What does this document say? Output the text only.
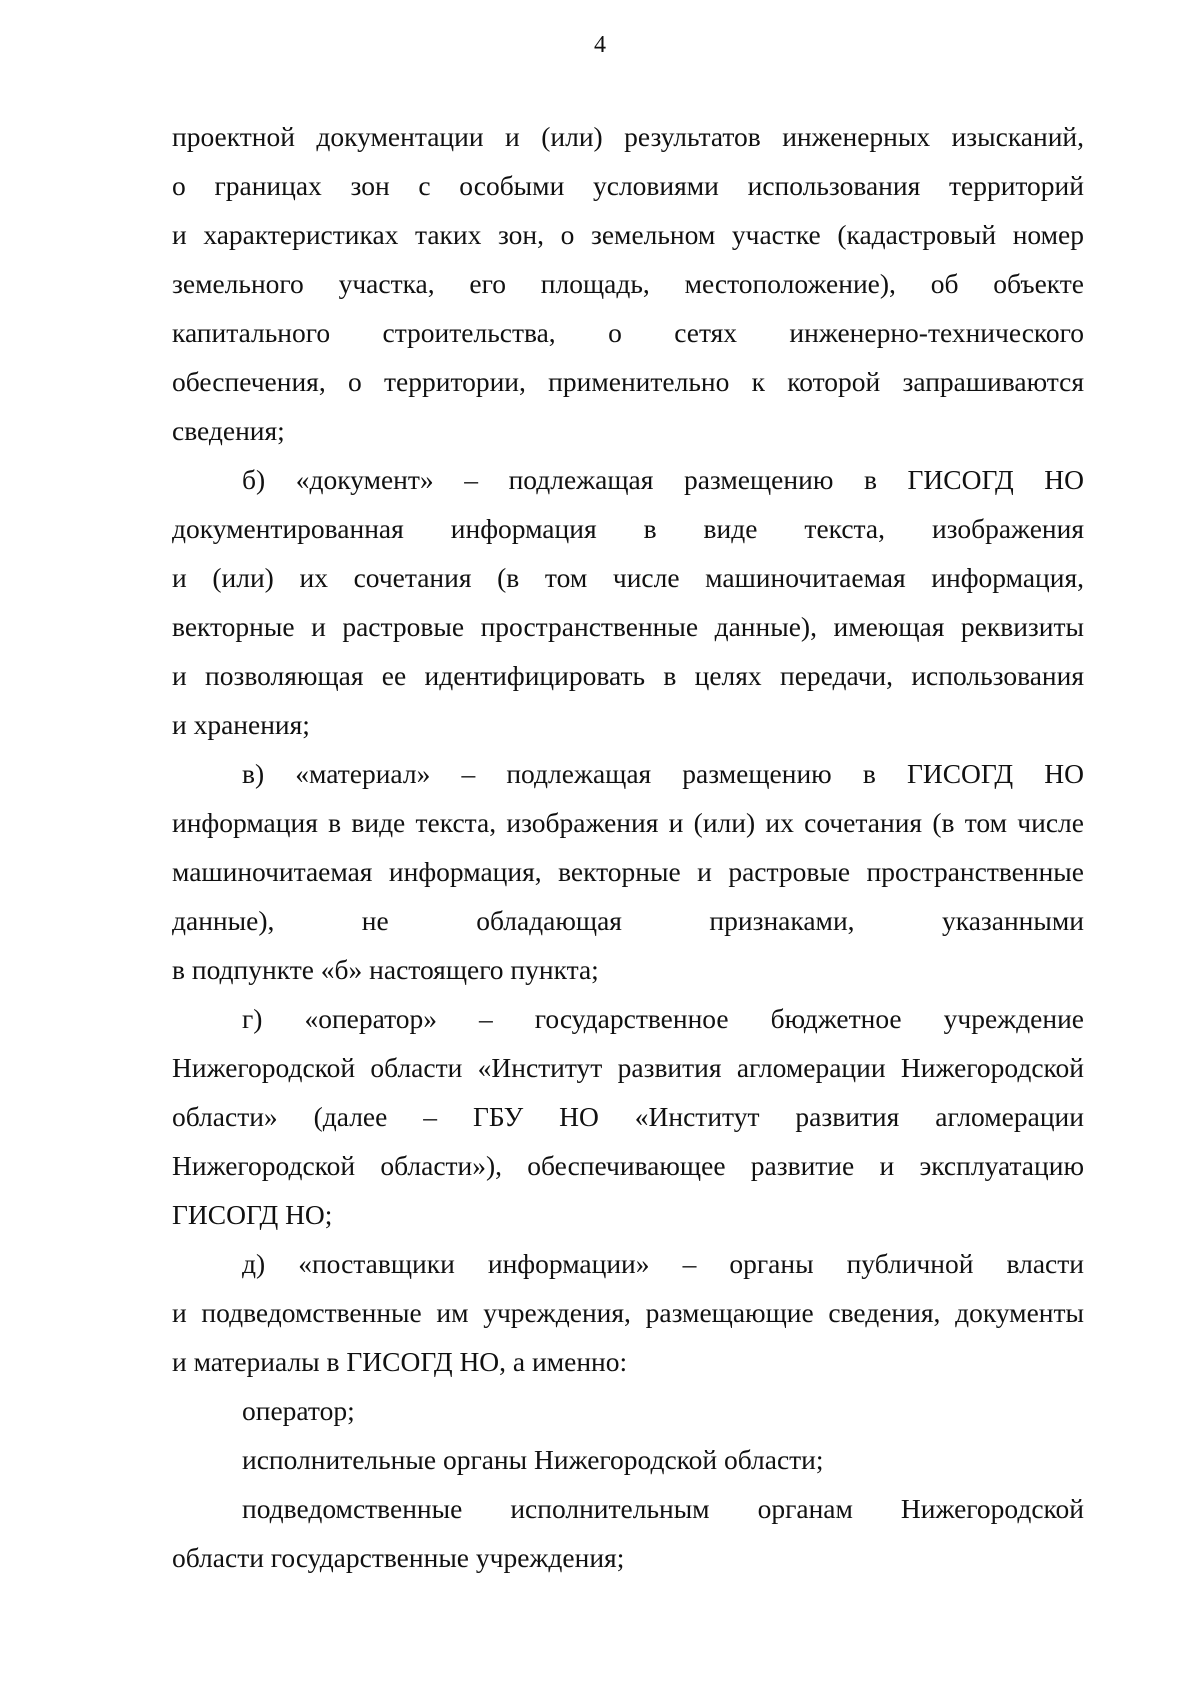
4
проектной документации и (или) результатов инженерных изысканий,
о границах зон с особыми условиями использования территорий
и характеристиках таких зон, о земельном участке (кадастровый номер
земельного участка, его площадь, местоположение), об объекте
капитального строительства, о сетях инженерно-технического
обеспечения, о территории, применительно к которой запрашиваются
сведения;
б) «документ» – подлежащая размещению в ГИСОГД НО
документированная информация в виде текста, изображения
и (или) их сочетания (в том числе машиночитаемая информация,
векторные и растровые пространственные данные), имеющая реквизиты
и позволяющая ее идентифицировать в целях передачи, использования
и хранения;
в) «материал» – подлежащая размещению в ГИСОГД НО
информация в виде текста, изображения и (или) их сочетания (в том числе
машиночитаемая информация, векторные и растровые пространственные
данные), не обладающая признаками, указанными
в подпункте «б» настоящего пункта;
г) «оператор» – государственное бюджетное учреждение
Нижегородской области «Институт развития агломерации Нижегородской
области» (далее – ГБУ НО «Институт развития агломерации
Нижегородской области»), обеспечивающее развитие и эксплуатацию
ГИСОГД НО;
д) «поставщики информации» – органы публичной власти
и подведомственные им учреждения, размещающие сведения, документы
и материалы в ГИСОГД НО, а именно:
оператор;
исполнительные органы Нижегородской области;
подведомственные исполнительным органам Нижегородской
области государственные учреждения;
